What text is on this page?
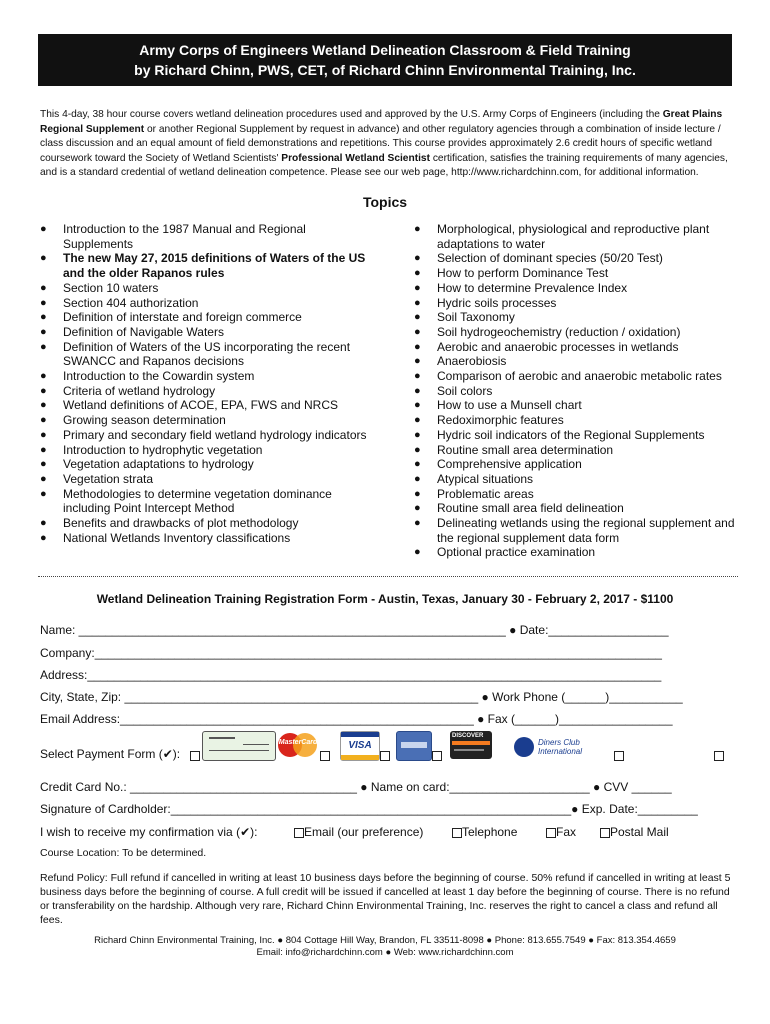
Army Corps of Engineers Wetland Delineation Classroom & Field Training
by Richard Chinn, PWS, CET, of Richard Chinn Environmental Training, Inc.
This 4-day, 38 hour course covers wetland delineation procedures used and approved by the U.S. Army Corps of Engineers (including the Great Plains Regional Supplement or another Regional Supplement by request in advance) and other regulatory agencies through a combination of inside lecture / class discussion and an equal amount of field demonstrations and repetitions. This course provides approximately 2.6 credit hours of specific wetland coursework toward the Society of Wetland Scientists' Professional Wetland Scientist certification, satisfies the training requirements of many agencies, and is a standard credential of wetland delineation competence. Please see our web page, http://www.richardchinn.com, for additional information.
Topics
● Introduction to the 1987 Manual and Regional Supplements
● The new May 27, 2015 definitions of Waters of the US and the older Rapanos rules
● Section 10 waters
● Section 404 authorization
● Definition of interstate and foreign commerce
● Definition of Navigable Waters
● Definition of Waters of the US incorporating the recent SWANCC and Rapanos decisions
● Introduction to the Cowardin system
● Criteria of wetland hydrology
● Wetland definitions of ACOE, EPA, FWS and NRCS
● Growing season determination
● Primary and secondary field wetland hydrology indicators
● Introduction to hydrophytic vegetation
● Vegetation adaptations to hydrology
● Vegetation strata
● Methodologies to determine vegetation dominance including Point Intercept Method
● Benefits and drawbacks of plot methodology
● National Wetlands Inventory classifications
● Morphological, physiological and reproductive plant adaptations to water
● Selection of dominant species (50/20 Test)
● How to perform Dominance Test
● How to determine Prevalence Index
● Hydric soils processes
● Soil Taxonomy
● Soil hydrogeochemistry (reduction / oxidation)
● Aerobic and anaerobic processes in wetlands
● Anaerobiosis
● Comparison of aerobic and anaerobic metabolic rates
● Soil colors
● How to use a Munsell chart
● Redoximorphic features
● Hydric soil indicators of the Regional Supplements
● Routine small area determination
● Comprehensive application
● Atypical situations
● Problematic areas
● Routine small area field delineation
● Delineating wetlands using the regional supplement and the regional supplement data form
● Optional practice examination
Wetland Delineation Training Registration Form - Austin, Texas, January 30 - February 2, 2017 - $1100
Name: ________________________________________________________________ ● Date:__________________
Company:_____________________________________________________________________________________
Address:______________________________________________________________________________________
City, State, Zip: _____________________________________________________ ● Work Phone (______)___________
Email Address:_____________________________________________________ ● Fax (______)_________________
Select Payment Form (✔):
MasterCard	VISA
DISCOVER
Diners Club International
Credit Card No.: __________________________________ ● Name on card:_____________________ ● CVV ______
Signature of Cardholder:____________________________________________________________● Exp. Date:_________
I wish to receive my confirmation via (✔):	Email (our preference)	Telephone	Fax	Postal Mail
Course Location: To be determined.
Refund Policy: Full refund if cancelled in writing at least 10 business days before the beginning of course. 50% refund if cancelled in writing at least 5 business days before the beginning of course. A full credit will be issued if cancelled at least 1 day before the beginning of course. There is no refund or transferability on the hardship. Although very rare, Richard Chinn Environmental Training, Inc. reserves the right to cancel a class and refund all fees.
Richard Chinn Environmental Training, Inc. ● 804 Cottage Hill Way, Brandon, FL 33511-8098 ● Phone: 813.655.7549 ● Fax: 813.354.4659
Email: info@richardchinn.com ● Web: www.richardchinn.com
